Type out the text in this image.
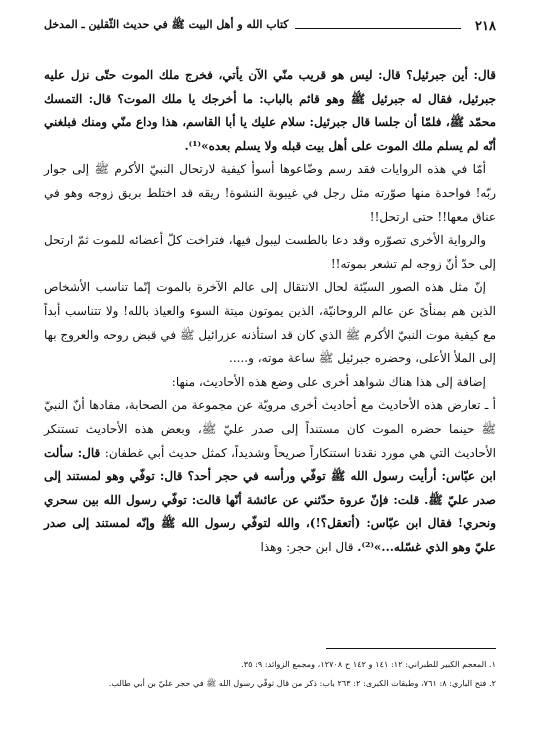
٢١٨
كتاب الله و أهل البيت ﷺ في حديث الثّقلين ـ المدخل

قال: أين جبرئيل؟ قال: ليس هو قريب منّي الآن يأتي، فخرج ملك الموت حتّى نزل عليه جبرئيل، فقال له جبرئيل ﷺ وهو قائم بالباب: ما أخرجك يا ملك الموت؟ قال: التمسك محمّد ﷺ، فلمّا أن جلسا قال جبرئيل: سلام عليك يا أبا القاسم، هذا وداع منّي ومنك فبلغني أنّه لم يسلم ملك الموت على أهل بيت قبله ولا يسلم بعده»⁽¹⁾.

أمّا في هذه الروايات فقد رسم وضّاعوها أسوأ كيفية لارتحال النبيّ الأكرم ﷺ إلى جوار ربّه! فواحدة منها صوّرته مثل رجل في غيبوبة النشوة! ريقه قد اختلط بريق زوجه وهو في عناق معها!! حتى ارتحل!!

والرواية الأخرى تصوّره وقد دعا بالطست ليبول فيها، فتراخت كلّ أعضائه للموت ثمّ ارتحل إلى حدّ أنّ زوجه لم تشعر بموته!!

إنّ مثل هذه الصور السيّئة لحال الانتقال إلى عالم الآخرة بالموت إنّما تناسب الأشخاص الذين هم بمنأىً عن عالم الروحانيّة، الذين يموتون ميتة السوء والعياذ بالله! ولا تتناسب أبداً مع كيفية موت النبيّ الأكرم ﷺ الذي كان قد استأذنه عزرائيل ﷺ في قبض روحه والعروج بها إلى الملأ الأعلى، وحضره جبرئيل ﷺ ساعة موته، و.....

إضافة إلى هذا هناك شواهد أخرى على وضع هذه الأحاديث، منها:

أ ـ تعارض هذه الأحاديث مع أحاديث أخرى مرويّة عن مجموعة من الصحابة، مفادها أنّ النبيّ ﷺ حينما حضره الموت كان مستنداً إلى صدر عليّ ﷺ، وبعض هذه الأحاديث تستنكر الأحاديث التي هي مورد نقدنا استنكاراً صريحاً وشديداً، كمثل حديث أبي غطفان: قال: سألت ابن عبّاس: أرأيت رسول الله ﷺ توفّي ورأسه في حجر أحد؟ قال: توفّي وهو لمستند إلى صدر عليّ ﷺ. قلت: فإنّ عروة حدّثني عن عائشة أنّها قالت: توفّي رسول الله بين سحري ونحري! فقال ابن عبّاس: (أتعقل؟!)، والله لتوفّي رسول الله ﷺ وإنّه لمستند إلى صدر عليّ وهو الذي غسّله...»⁽²⁾. قال ابن حجر: وهذا

١. المعجم الكبير للطبراني: ١٢: ١٤١ و ١٤٢ ح ١٢٧٠٨، ومجمع الزوائد: ٩: ٣٥.

٢. فتح الباري: ٨: ٧٦١، وطبقات الكبرى: ٢: ٢٦٣ باب: ذكر من قال توفّي رسول الله ﷺ في حجر عليّ بن أبي طالب.
